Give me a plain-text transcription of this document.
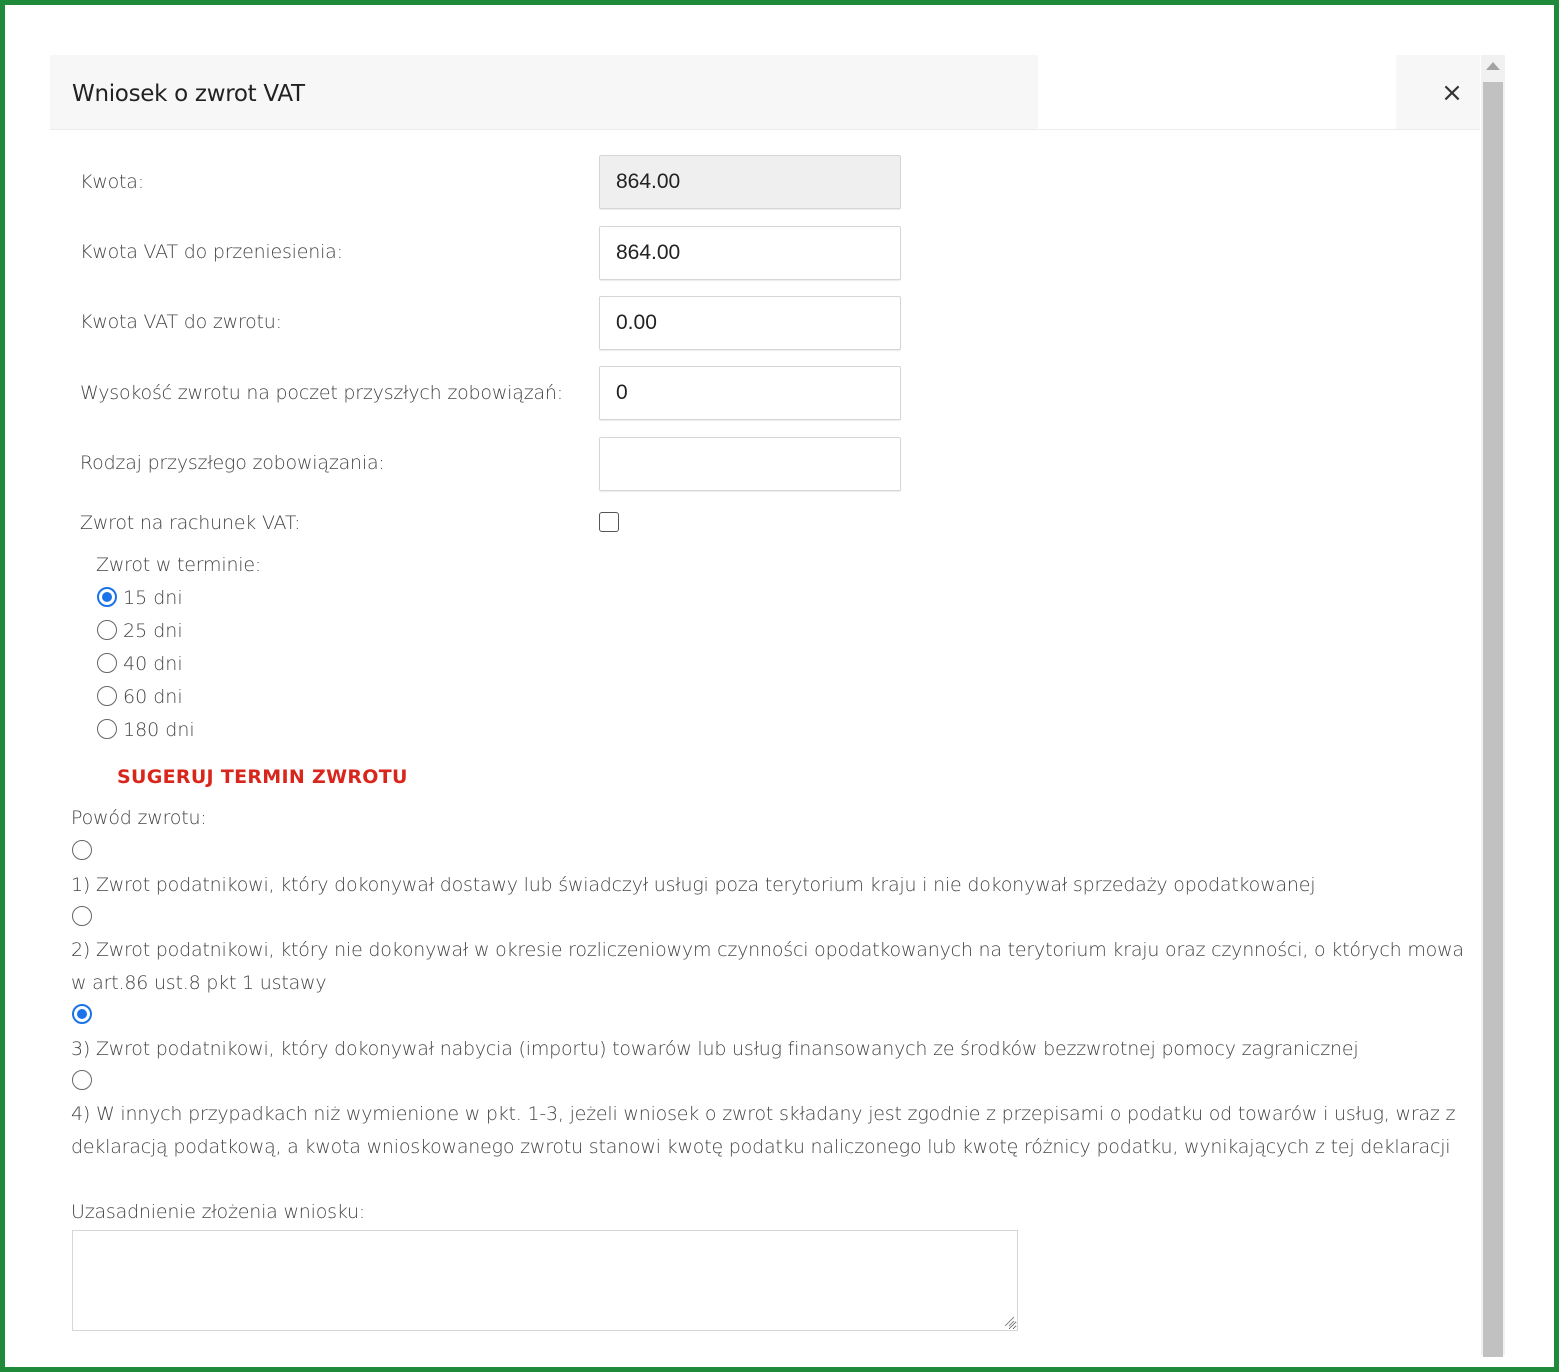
Wniosek o zwrot VAT	×
Kwota:
864.00
Kwota VAT do przeniesienia:
864.00
Kwota VAT do zwrotu:
0.00
Wysokość zwrotu na poczet przyszłych zobowiązań:
0
Rodzaj przyszłego zobowiązania:
Zwrot na rachunek VAT:
Zwrot w terminie:
15 dni
25 dni
40 dni
60 dni
180 dni
SUGERUJ TERMIN ZWROTU
Powód zwrotu:
1) Zwrot podatnikowi, który dokonywał dostawy lub świadczył usługi poza terytorium kraju i nie dokonywał sprzedaży opodatkowanej
2) Zwrot podatnikowi, który nie dokonywał w okresie rozliczeniowym czynności opodatkowanych na terytorium kraju oraz czynności, o których mowa w art.86 ust.8 pkt 1 ustawy
3) Zwrot podatnikowi, który dokonywał nabycia (importu) towarów lub usług finansowanych ze środków bezzwrotnej pomocy zagranicznej
4) W innych przypadkach niż wymienione w pkt. 1-3, jeżeli wniosek o zwrot składany jest zgodnie z przepisami o podatku od towarów i usług, wraz z deklaracją podatkową, a kwota wnioskowanego zwrotu stanowi kwotę podatku naliczonego lub kwotę różnicy podatku, wynikających z tej deklaracji
Uzasadnienie złożenia wniosku:
